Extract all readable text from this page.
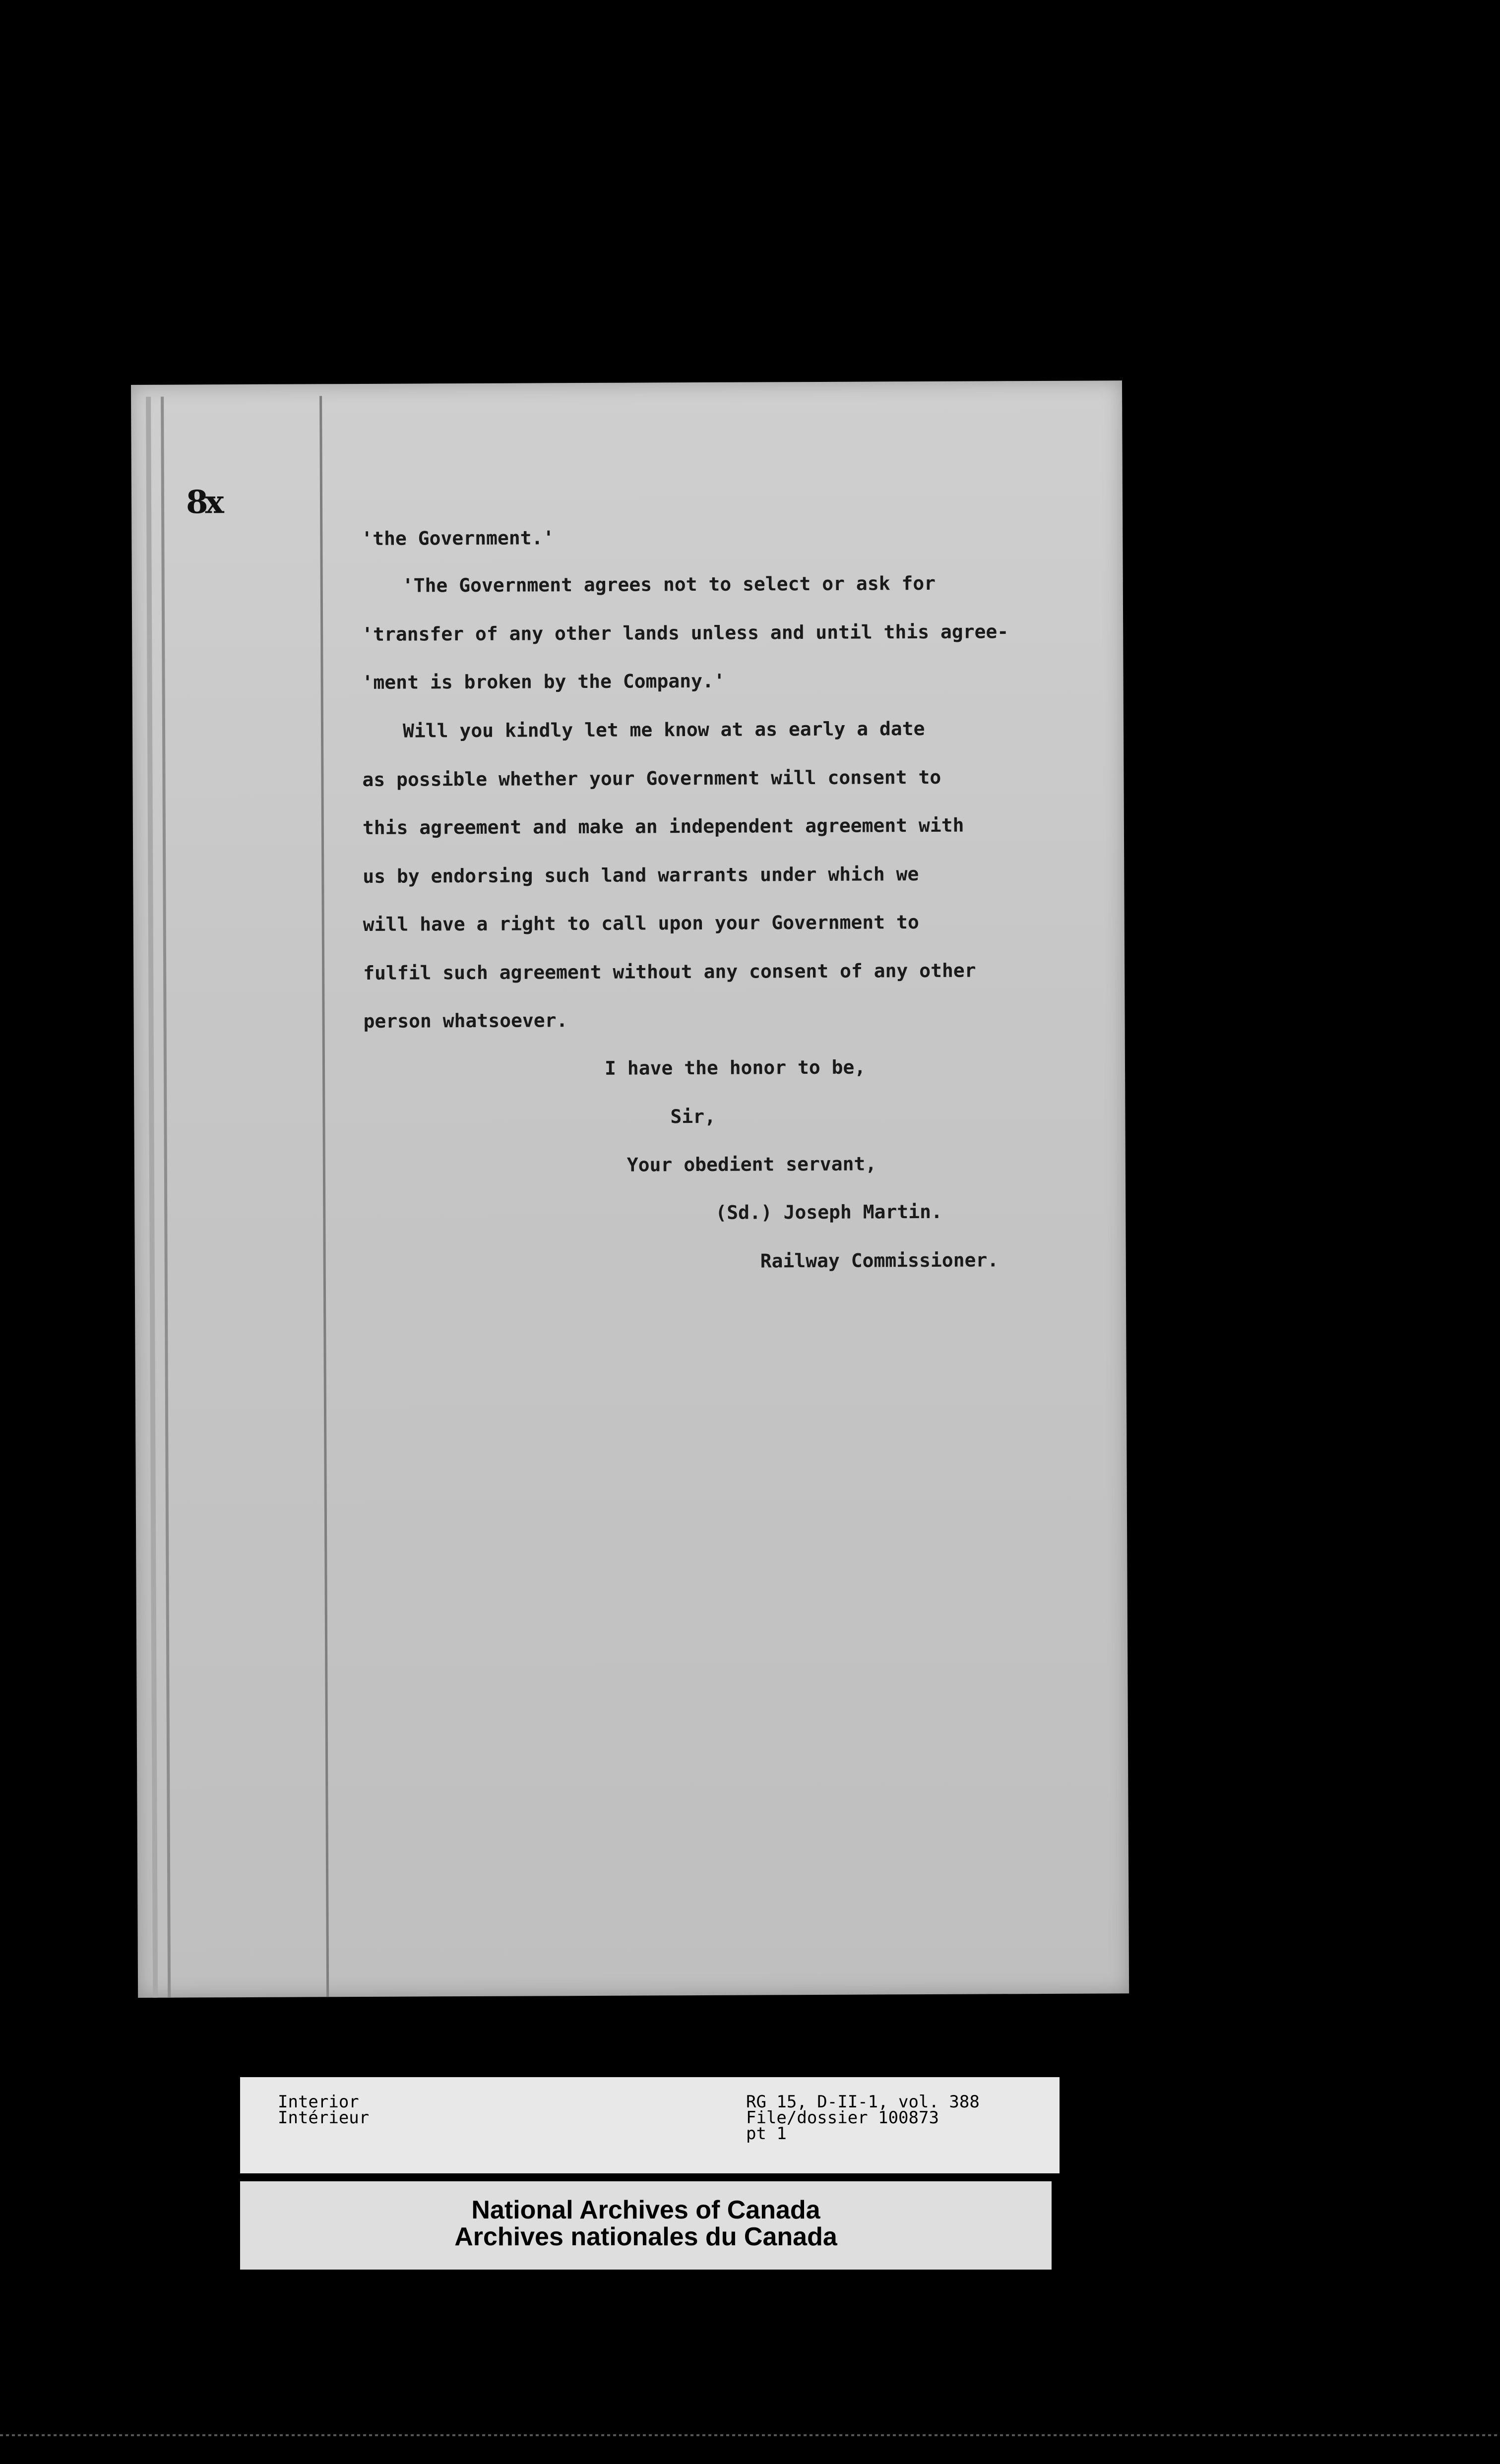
8x
'the Government.'
'The Government agrees not to select or ask for
'transfer of any other lands unless and until this agree-
'ment is broken by the Company.'
Will you kindly let me know at as early a date
as possible whether your Government will consent to
this agreement and make an independent agreement with
us by endorsing such land warrants under which we
will have a right to call upon your Government to
fulfil such agreement without any consent of any other
person whatsoever.
I have the honor to be,
Sir,
Your obedient servant,
(Sd.) Joseph Martin.
Railway Commissioner.
Interior
Intérieur
RG 15, D-II-1, vol. 388
File/dossier 100873
pt 1
National Archives of Canada
Archives nationales du Canada
